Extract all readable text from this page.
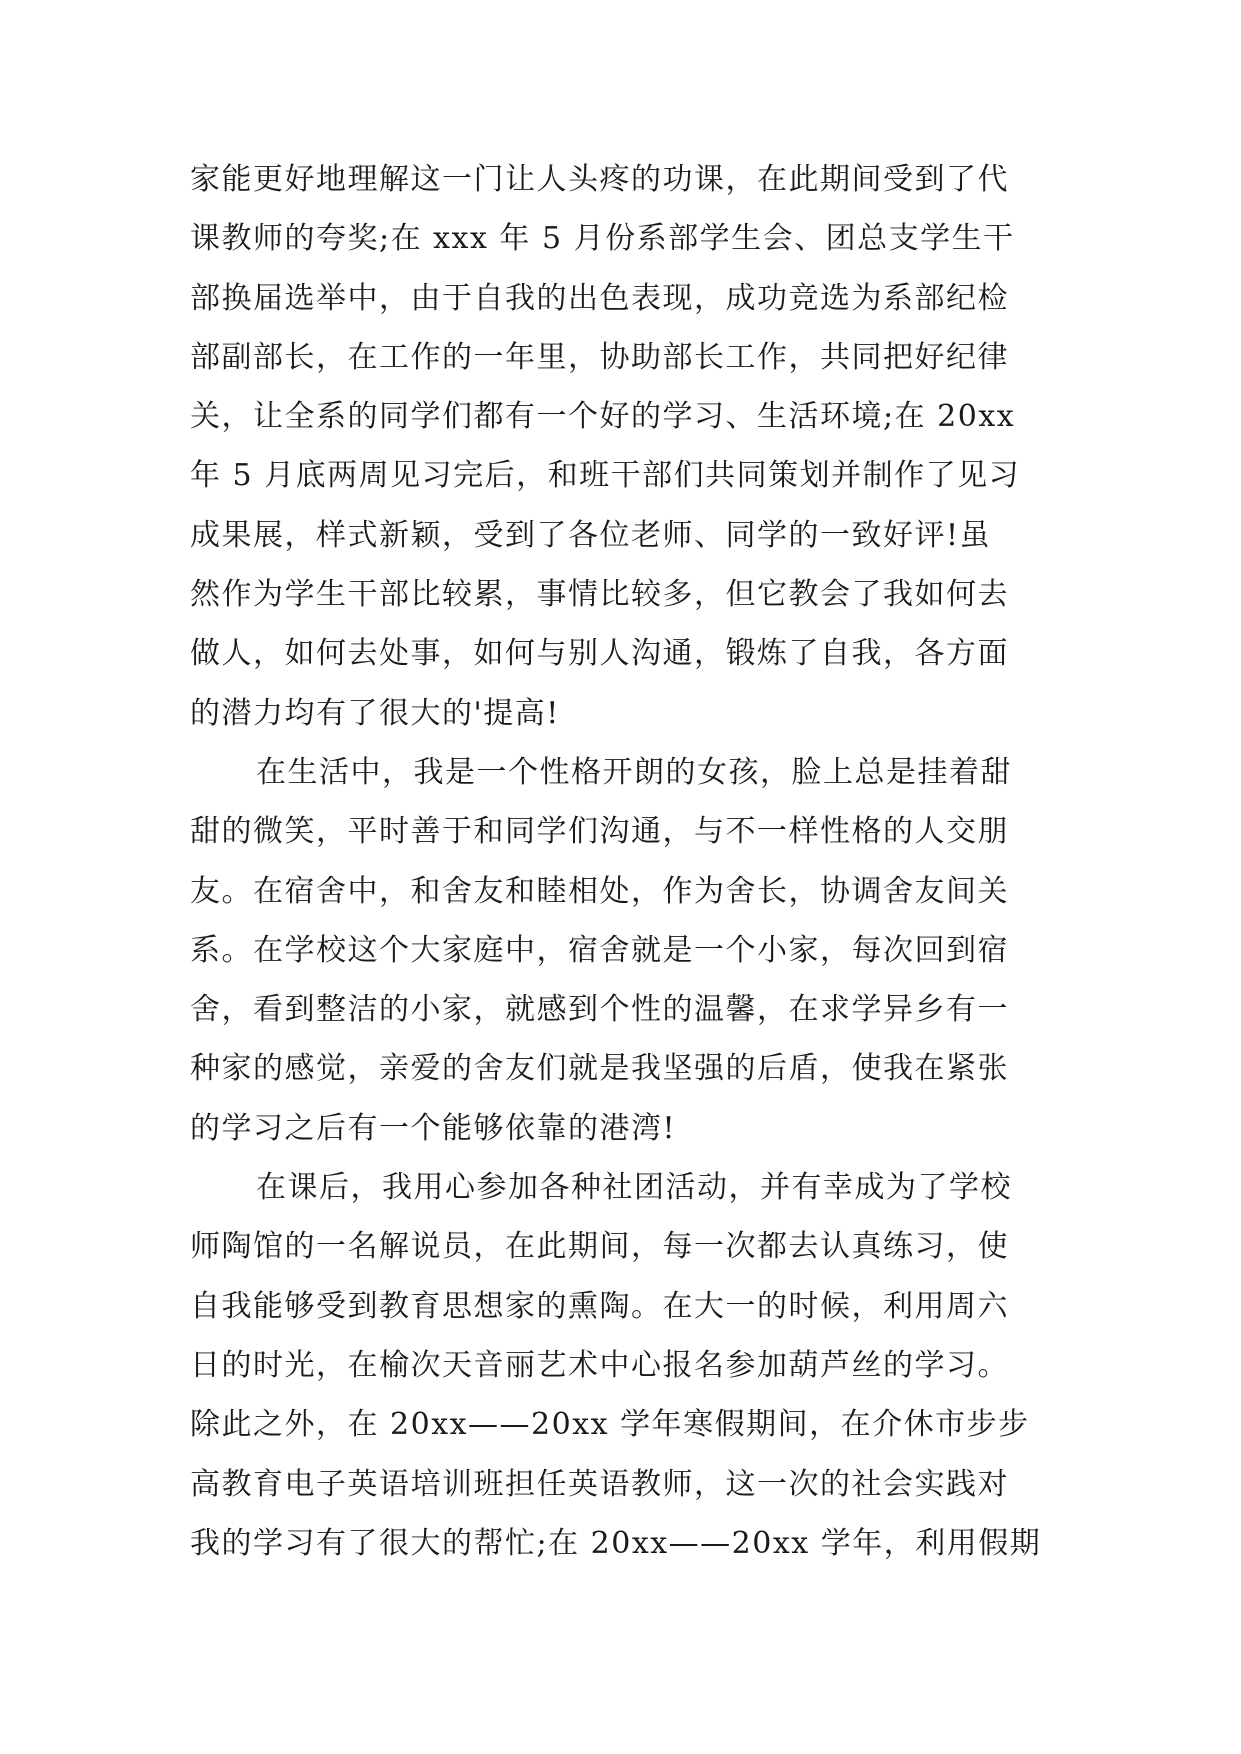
家能更好地理解这一门让人头疼的功课，在此期间受到了代
课教师的夸奖;在 xxx 年 5 月份系部学生会、团总支学生干
部换届选举中，由于自我的出色表现，成功竞选为系部纪检
部副部长，在工作的一年里，协助部长工作，共同把好纪律
关，让全系的同学们都有一个好的学习、生活环境;在 20xx
年 5 月底两周见习完后，和班干部们共同策划并制作了见习
成果展，样式新颖，受到了各位老师、同学的一致好评!虽
然作为学生干部比较累，事情比较多，但它教会了我如何去
做人，如何去处事，如何与别人沟通，锻炼了自我，各方面
的潜力均有了很大的'提高!
在生活中，我是一个性格开朗的女孩，脸上总是挂着甜
甜的微笑，平时善于和同学们沟通，与不一样性格的人交朋
友。在宿舍中，和舍友和睦相处，作为舍长，协调舍友间关
系。在学校这个大家庭中，宿舍就是一个小家，每次回到宿
舍，看到整洁的小家，就感到个性的温馨，在求学异乡有一
种家的感觉，亲爱的舍友们就是我坚强的后盾，使我在紧张
的学习之后有一个能够依靠的港湾!
在课后，我用心参加各种社团活动，并有幸成为了学校
师陶馆的一名解说员，在此期间，每一次都去认真练习，使
自我能够受到教育思想家的熏陶。在大一的时候，利用周六
日的时光，在榆次天音丽艺术中心报名参加葫芦丝的学习。
除此之外，在 20xx——20xx 学年寒假期间，在介休市步步
高教育电子英语培训班担任英语教师，这一次的社会实践对
我的学习有了很大的帮忙;在 20xx——20xx 学年，利用假期
